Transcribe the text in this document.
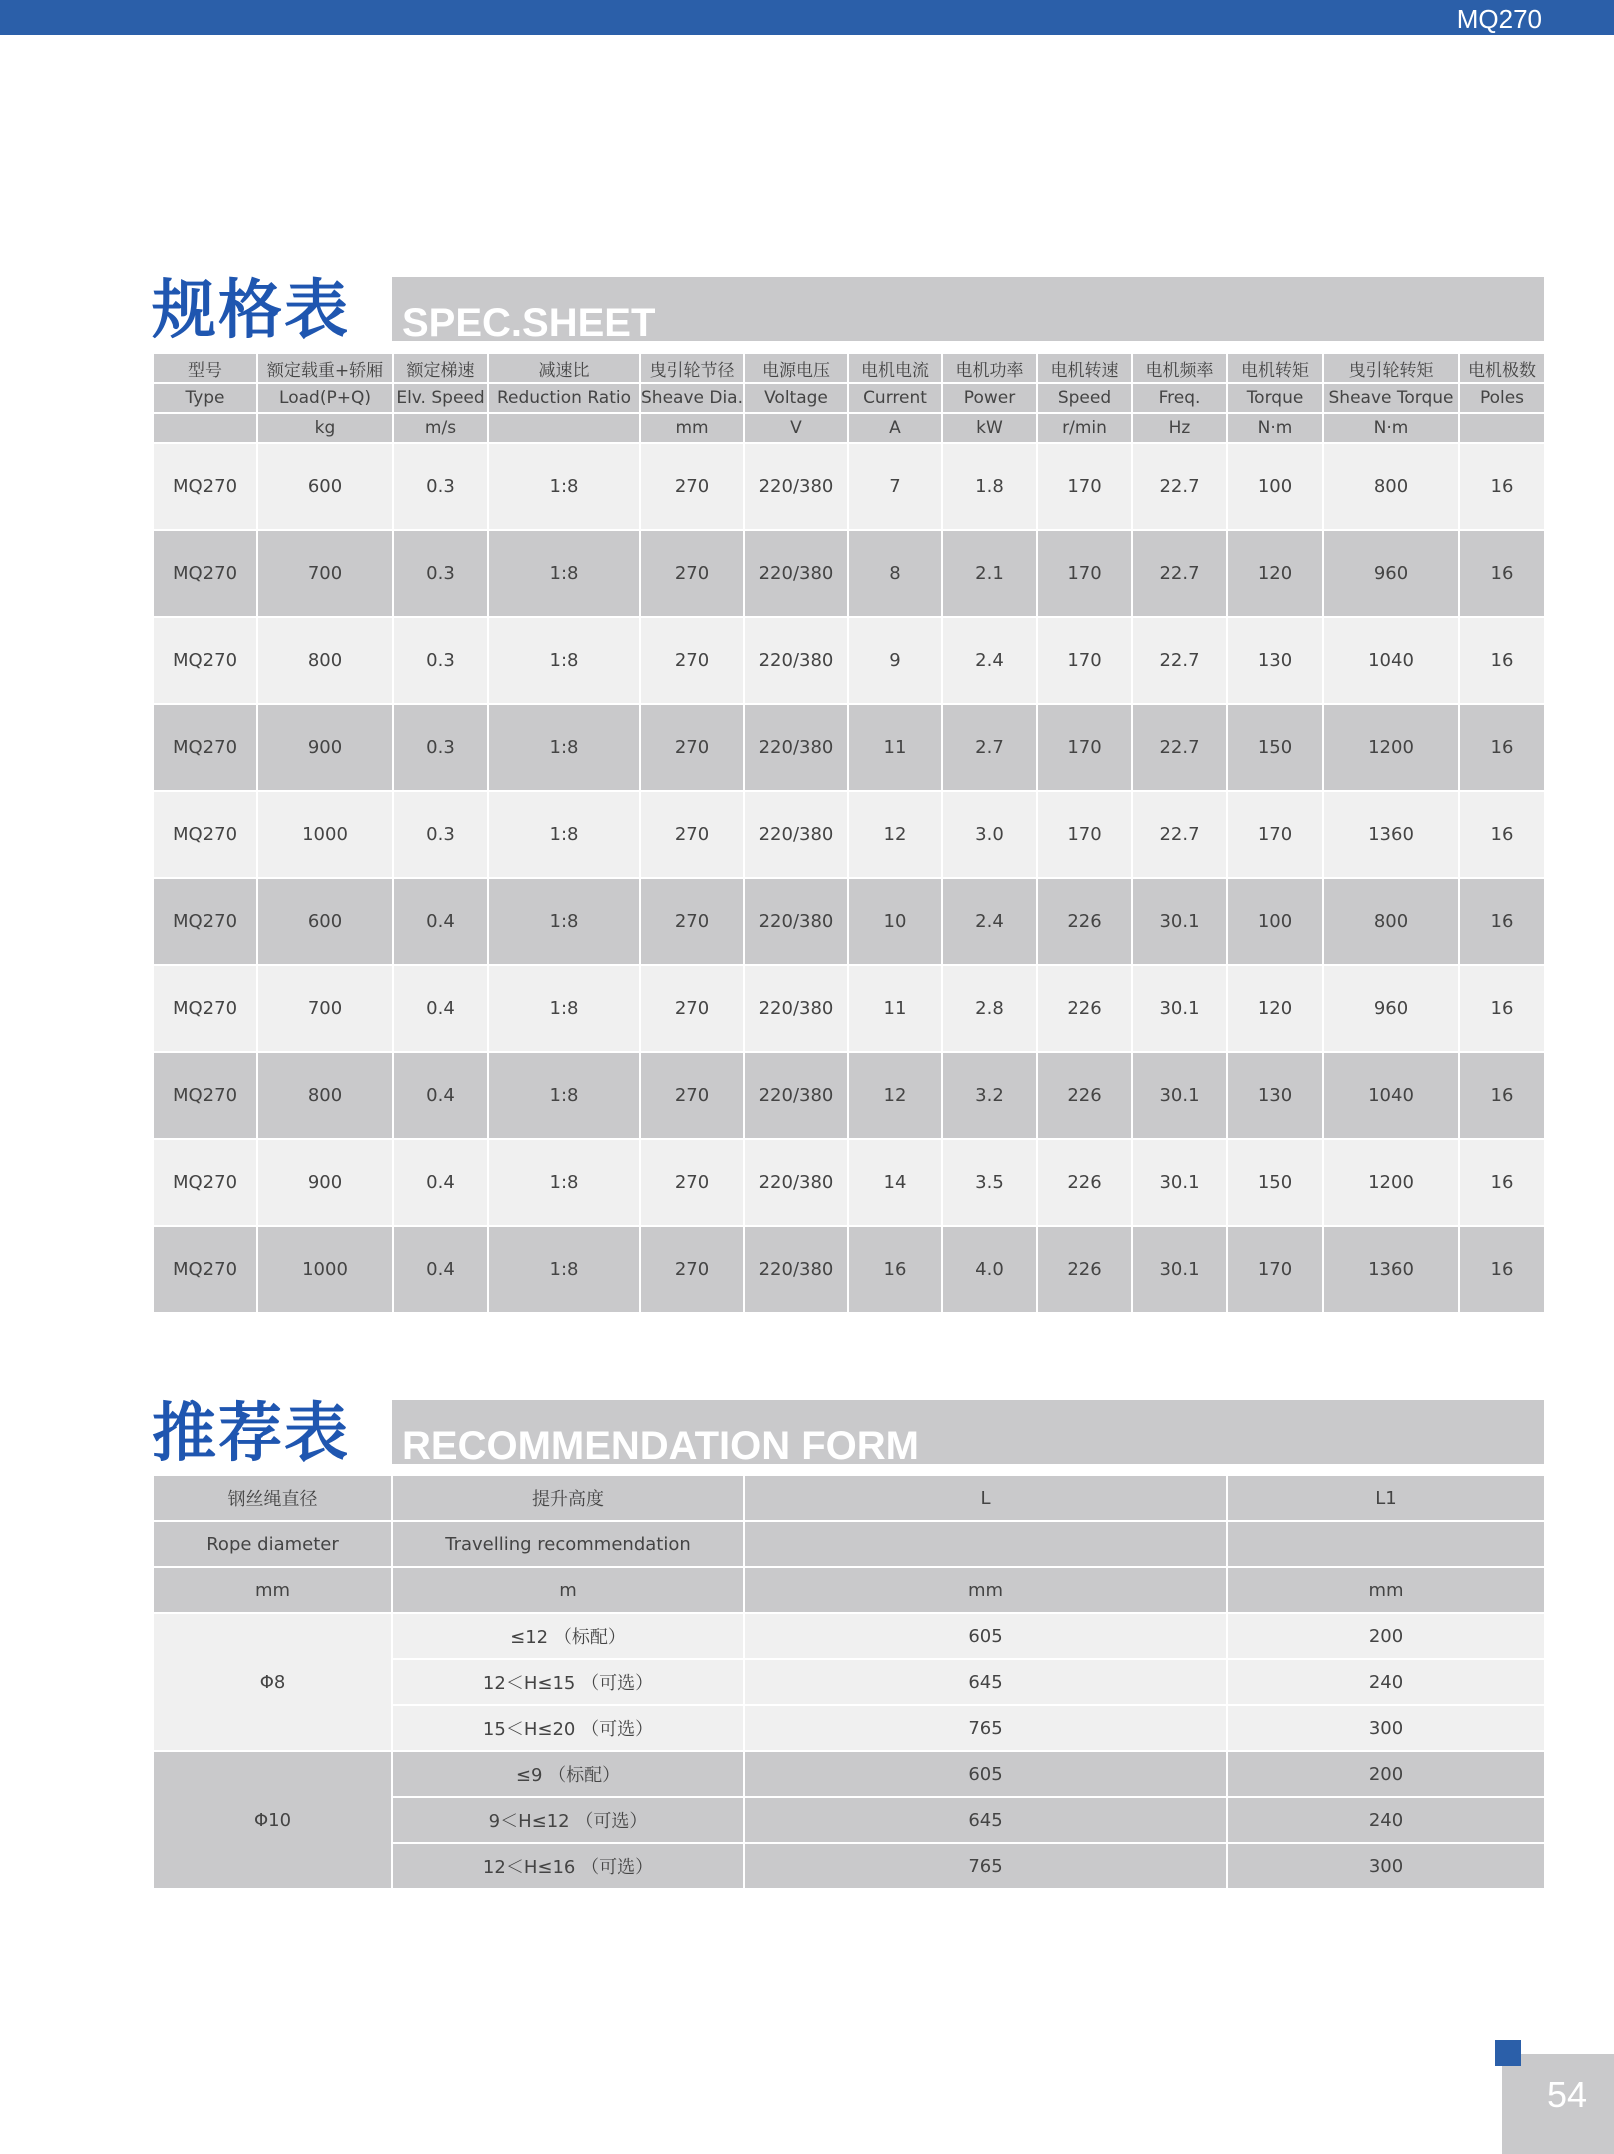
MQ270
规格表 SPEC.SHEET
型号	额定载重+轿厢	额定梯速	减速比	曳引轮节径	电源电压	电机电流	电机功率	电机转速	电机频率	电机转矩	曳引轮转矩	电机极数
Type	Load(P+Q)	Elv. Speed	Reduction Ratio	Sheave Dia.	Voltage	Current	Power	Speed	Freq.	Torque	Sheave Torque	Poles
	kg	m/s		mm	V	A	kW	r/min	Hz	N·m	N·m	
MQ270	600	0.3	1:8	270	220/380	7	1.8	170	22.7	100	800	16
MQ270	700	0.3	1:8	270	220/380	8	2.1	170	22.7	120	960	16
MQ270	800	0.3	1:8	270	220/380	9	2.4	170	22.7	130	1040	16
MQ270	900	0.3	1:8	270	220/380	11	2.7	170	22.7	150	1200	16
MQ270	1000	0.3	1:8	270	220/380	12	3.0	170	22.7	170	1360	16
MQ270	600	0.4	1:8	270	220/380	10	2.4	226	30.1	100	800	16
MQ270	700	0.4	1:8	270	220/380	11	2.8	226	30.1	120	960	16
MQ270	800	0.4	1:8	270	220/380	12	3.2	226	30.1	130	1040	16
MQ270	900	0.4	1:8	270	220/380	14	3.5	226	30.1	150	1200	16
MQ270	1000	0.4	1:8	270	220/380	16	4.0	226	30.1	170	1360	16
推荐表 RECOMMENDATION FORM
钢丝绳直径	提升高度	L	L1
Rope diameter	Travelling recommendation		
mm	m	mm	mm
Φ8	≤12 （标配）	605	200
	12＜H≤15 （可选）	645	240
	15＜H≤20 （可选）	765	300
Φ10	≤9 （标配）	605	200
	9＜H≤12 （可选）	645	240
	12＜H≤16 （可选）	765	300
54
